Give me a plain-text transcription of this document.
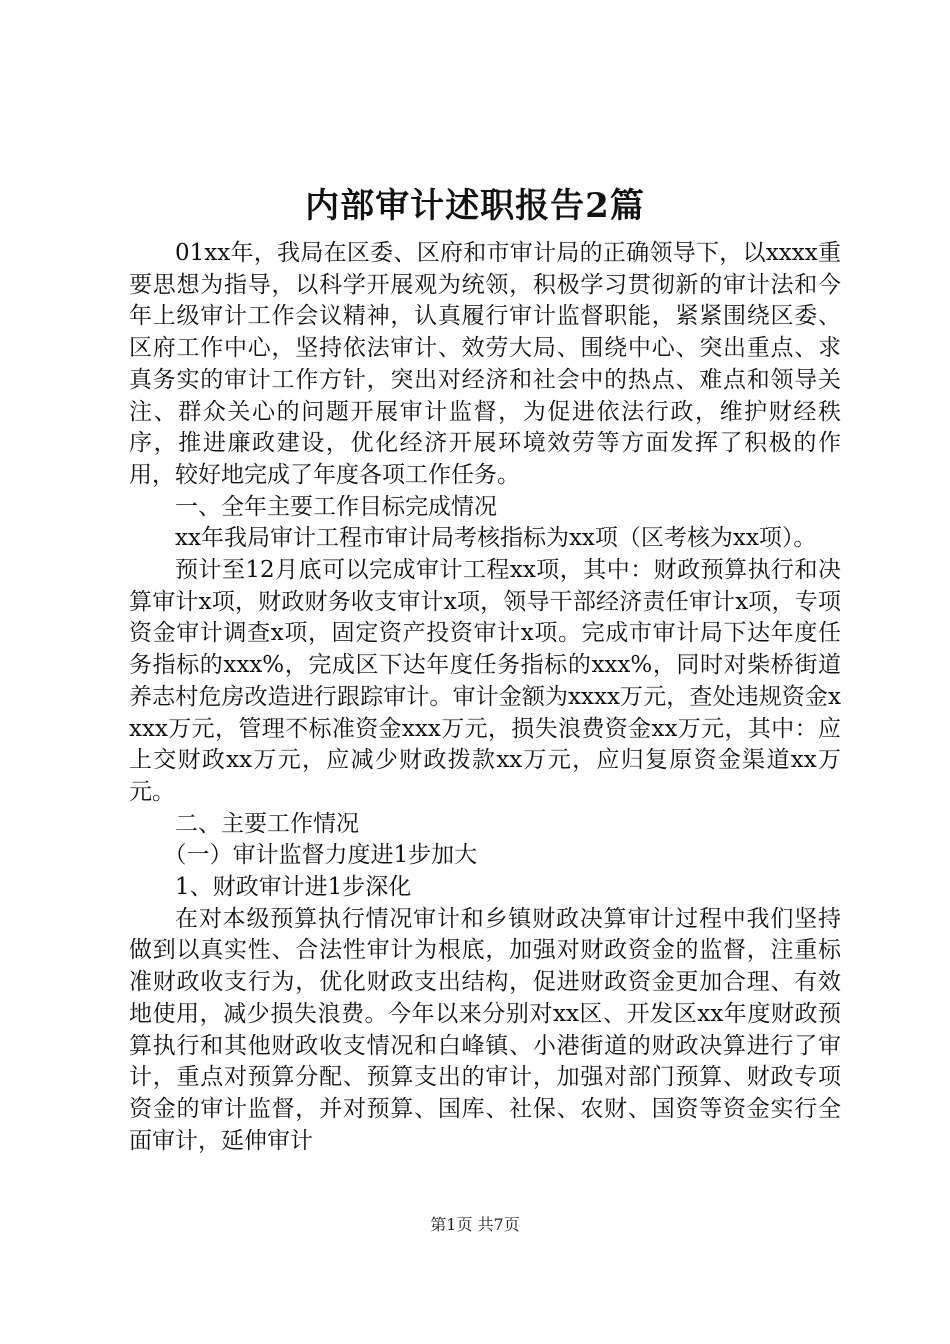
内部审计述职报告2篇

01xx年，我局在区委、区府和市审计局的正确领导下，以xxxx重要思想为指导，以科学开展观为统领，积极学习贯彻新的审计法和今年上级审计工作会议精神，认真履行审计监督职能，紧紧围绕区委、区府工作中心，坚持依法审计、效劳大局、围绕中心、突出重点、求真务实的审计工作方针，突出对经济和社会中的热点、难点和领导关注、群众关心的问题开展审计监督，为促进依法行政，维护财经秩序，推进廉政建设，优化经济开展环境效劳等方面发挥了积极的作用，较好地完成了年度各项工作任务。

一、全年主要工作目标完成情况

xx年我局审计工程市审计局考核指标为xx项（区考核为xx项）。

预计至12月底可以完成审计工程xx项，其中：财政预算执行和决算审计x项，财政财务收支审计x项，领导干部经济责任审计x项，专项资金审计调查x项，固定资产投资审计x项。完成市审计局下达年度任务指标的xxx%，完成区下达年度任务指标的xxx%，同时对柴桥街道养志村危房改造进行跟踪审计。审计金额为xxxx万元，查处违规资金xxxx万元，管理不标准资金xxx万元，损失浪费资金xx万元，其中：应上交财政xx万元，应减少财政拨款xx万元，应归复原资金渠道xx万元。

二、主要工作情况

（一）审计监督力度进1步加大

1、财政审计进1步深化

在对本级预算执行情况审计和乡镇财政决算审计过程中我们坚持做到以真实性、合法性审计为根底，加强对财政资金的监督，注重标准财政收支行为，优化财政支出结构，促进财政资金更加合理、有效地使用，减少损失浪费。今年以来分别对xx区、开发区xx年度财政预算执行和其他财政收支情况和白峰镇、小港街道的财政决算进行了审计，重点对预算分配、预算支出的审计，加强对部门预算、财政专项资金的审计监督，并对预算、国库、社保、农财、国资等资金实行全面审计，延伸审计

第1页 共7页
